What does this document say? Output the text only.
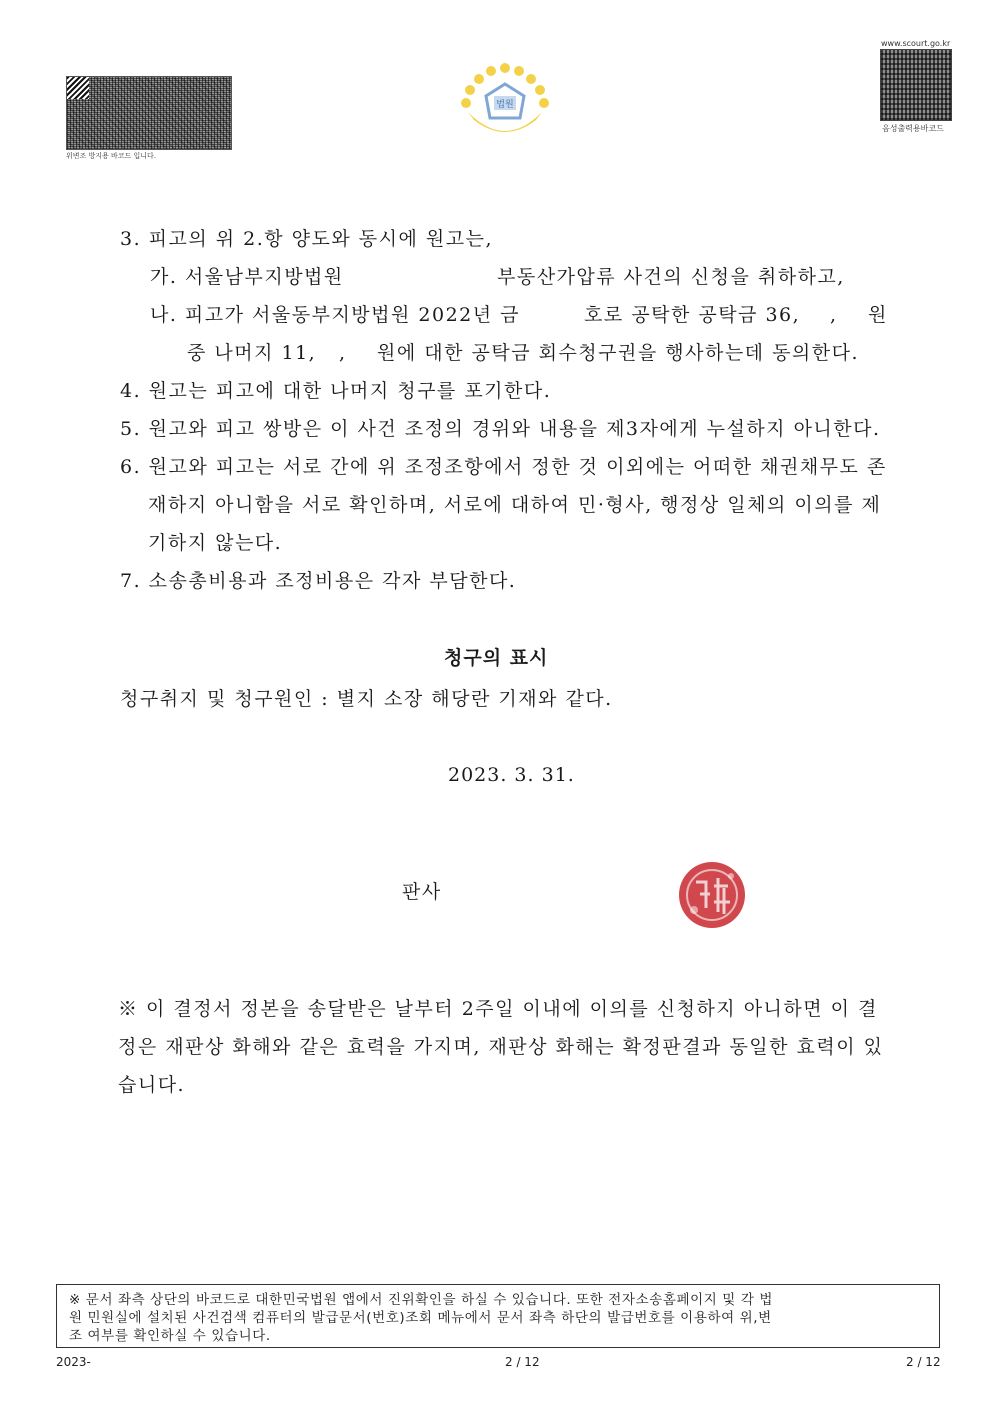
위변조 방지용 바코드 입니다.
법원
www.scourt.go.kr
음성출력용바코드
3. 피고의 위 2.항 양도와 동시에 원고는,
가. 서울남부지방법원	부동산가압류 사건의 신청을 취하하고,
나. 피고가 서울동부지방법원 2022년 금	호로 공탁한 공탁금 36, , 원
중 나머지 11, , 원에 대한 공탁금 회수청구권을 행사하는데 동의한다.
4. 원고는 피고에 대한 나머지 청구를 포기한다.
5. 원고와 피고 쌍방은 이 사건 조정의 경위와 내용을 제3자에게 누설하지 아니한다.
6. 원고와 피고는 서로 간에 위 조정조항에서 정한 것 이외에는 어떠한 채권채무도 존
재하지 아니함을 서로 확인하며, 서로에 대하여 민·형사, 행정상 일체의 이의를 제
기하지 않는다.
7. 소송총비용과 조정비용은 각자 부담한다.
청구의 표시
청구취지 및 청구원인 : 별지 소장 해당란 기재와 같다.
2023. 3. 31.
판사
※ 이 결정서 정본을 송달받은 날부터 2주일 이내에 이의를 신청하지 아니하면 이 결
정은 재판상 화해와 같은 효력을 가지며, 재판상 화해는 확정판결과 동일한 효력이 있
습니다.
※ 문서 좌측 상단의 바코드로 대한민국법원 앱에서 진위확인을 하실 수 있습니다. 또한 전자소송홈페이지 및 각 법
원 민원실에 설치된 사건검색 컴퓨터의 발급문서(번호)조회 메뉴에서 문서 좌측 하단의 발급번호를 이용하여 위,변
조 여부를 확인하실 수 있습니다.
2023-	2 / 12	2 / 12
